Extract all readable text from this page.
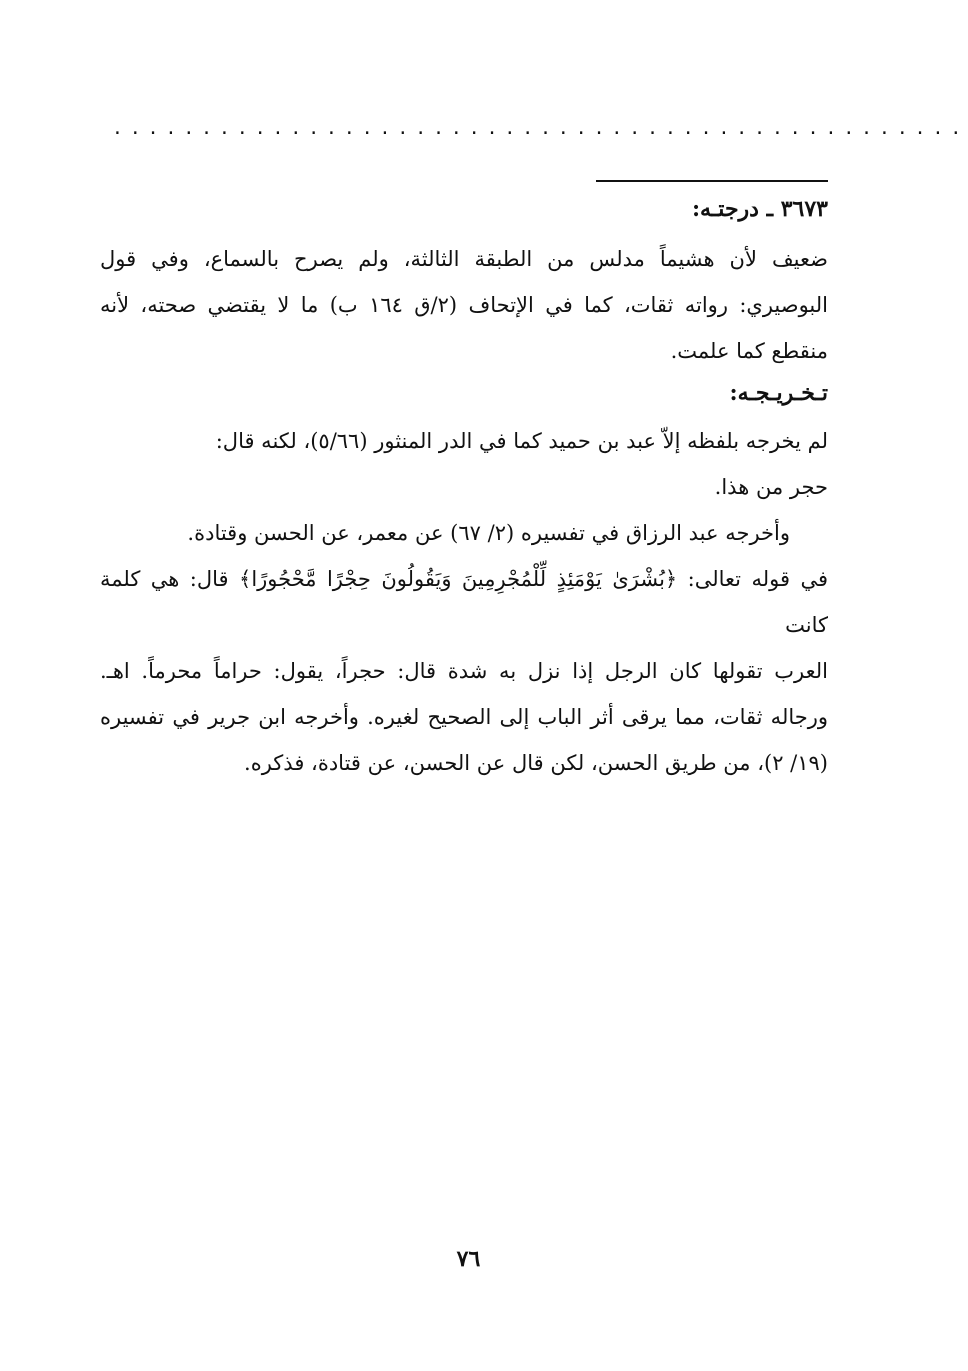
................................................
٣٦٧٣ ـ درجتـه:
ضعيف لأن هشيماً مدلس من الطبقة الثالثة، ولم يصرح بالسماع، وفي قول
البوصيري: رواته ثقات، كما في الإتحاف (٢/ق ١٦٤ ب) ما لا يقتضي صحته، لأنه
منقطع كما علمت.
تـخـريـجـه:
لم يخرجه بلفظه إلاّ عبد بن حميد كما في الدر المنثور (٥/٦٦)، لكنه قال:
حجر من هذا.
وأخرجه عبد الرزاق في تفسيره (٢/ ٦٧) عن معمر، عن الحسن وقتادة.
في قوله تعالى: ﴿بُشْرَىٰ يَوْمَئِذٍ لِّلْمُجْرِمِينَ وَيَقُولُونَ حِجْرًا مَّحْجُورًا﴾ قال: هي كلمة كانت
العرب تقولها كان الرجل إذا نزل به شدة قال: حجراً، يقول: حراماً محرماً. اهـ.
ورجاله ثقات، مما يرقى أثر الباب إلى الصحيح لغيره. وأخرجه ابن جرير في تفسيره
(١٩/ ٢)، من طريق الحسن، لكن قال عن الحسن، عن قتادة، فذكره.
٧٦
